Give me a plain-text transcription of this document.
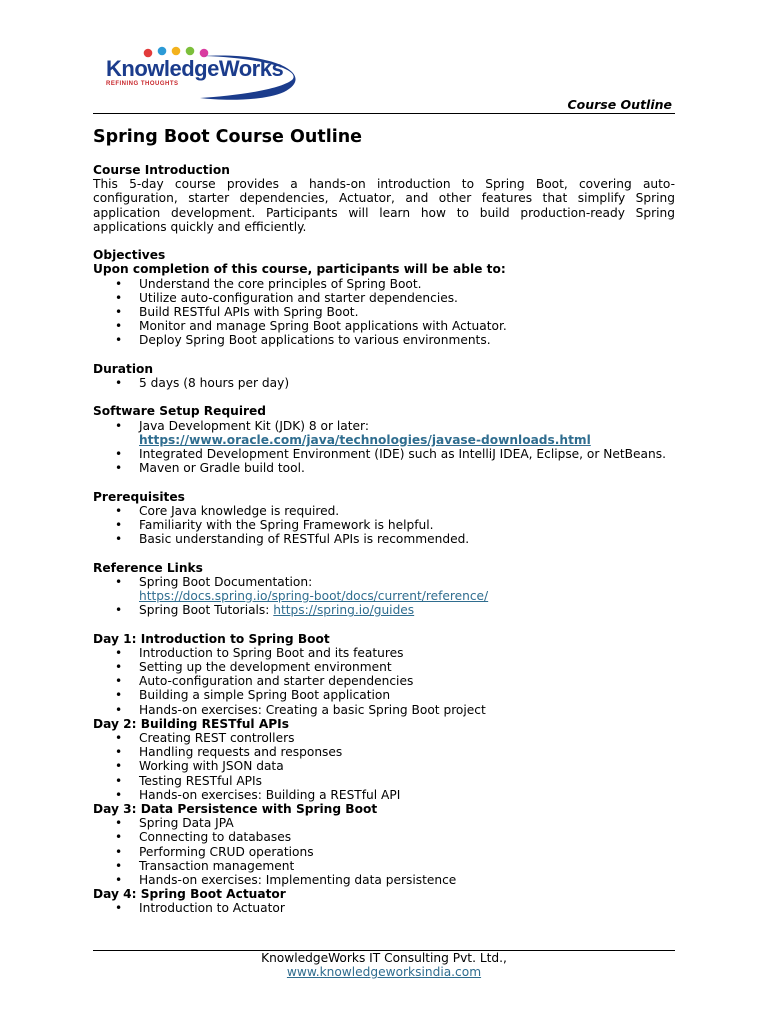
KnowledgeWorks
REFINING THOUGHTS
Course Outline
Spring Boot Course Outline
Course Introduction
This 5-day course provides a hands-on introduction to Spring Boot, covering auto-configuration, starter dependencies, Actuator, and other features that simplify Spring application development. Participants will learn how to build production-ready Spring applications quickly and efficiently.
Objectives
Upon completion of this course, participants will be able to:
• Understand the core principles of Spring Boot.
• Utilize auto-configuration and starter dependencies.
• Build RESTful APIs with Spring Boot.
• Monitor and manage Spring Boot applications with Actuator.
• Deploy Spring Boot applications to various environments.
Duration
• 5 days (8 hours per day)
Software Setup Required
• Java Development Kit (JDK) 8 or later:
https://www.oracle.com/java/technologies/javase-downloads.html
• Integrated Development Environment (IDE) such as IntelliJ IDEA, Eclipse, or NetBeans.
• Maven or Gradle build tool.
Prerequisites
• Core Java knowledge is required.
• Familiarity with the Spring Framework is helpful.
• Basic understanding of RESTful APIs is recommended.
Reference Links
• Spring Boot Documentation:
https://docs.spring.io/spring-boot/docs/current/reference/
• Spring Boot Tutorials: https://spring.io/guides
Day 1: Introduction to Spring Boot
• Introduction to Spring Boot and its features
• Setting up the development environment
• Auto-configuration and starter dependencies
• Building a simple Spring Boot application
• Hands-on exercises: Creating a basic Spring Boot project
Day 2: Building RESTful APIs
• Creating REST controllers
• Handling requests and responses
• Working with JSON data
• Testing RESTful APIs
• Hands-on exercises: Building a RESTful API
Day 3: Data Persistence with Spring Boot
• Spring Data JPA
• Connecting to databases
• Performing CRUD operations
• Transaction management
• Hands-on exercises: Implementing data persistence
Day 4: Spring Boot Actuator
• Introduction to Actuator
KnowledgeWorks IT Consulting Pvt. Ltd.,
www.knowledgeworksindia.com
